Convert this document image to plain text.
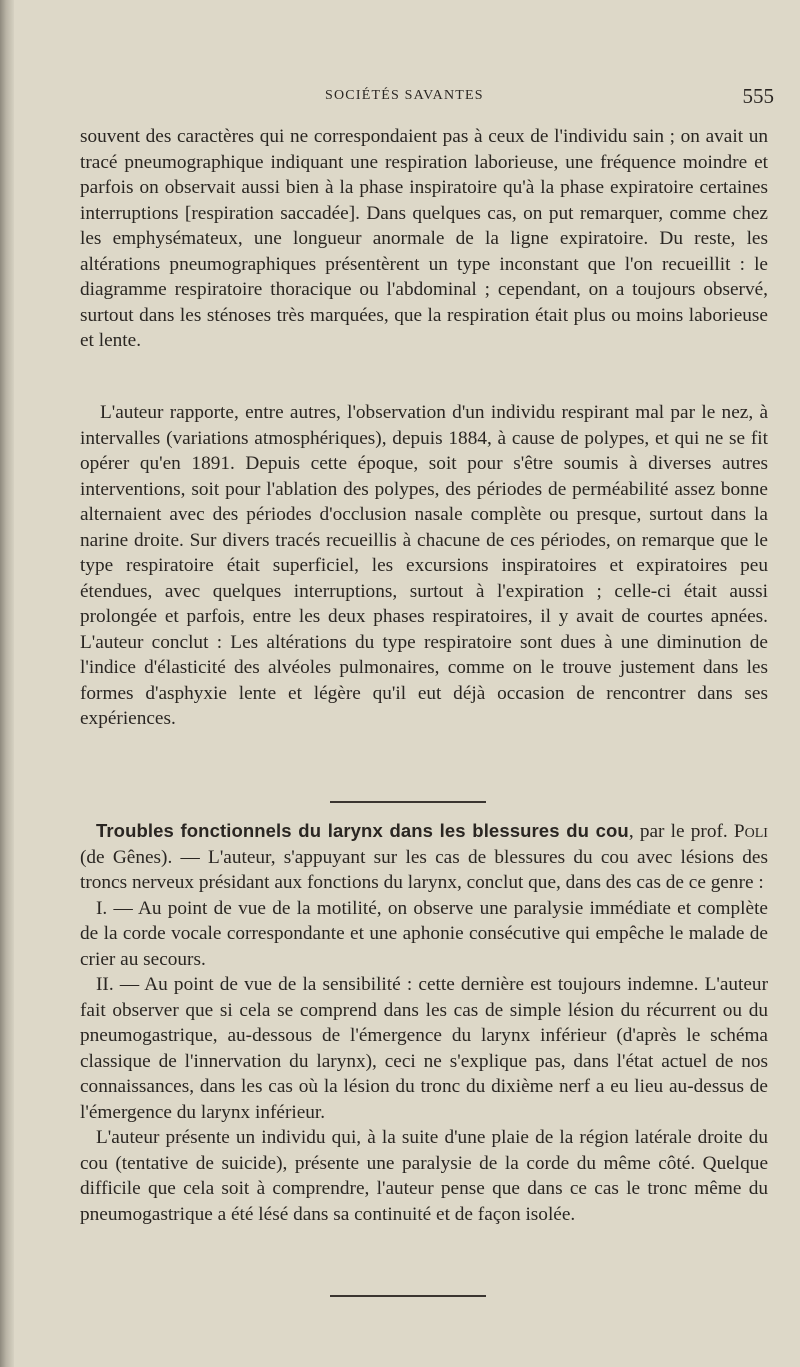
SOCIÉTÉS SAVANTES	555

souvent des caractères qui ne correspondaient pas à ceux de l'individu sain ; on avait un tracé pneumographique indiquant une respiration laborieuse, une fréquence moindre et parfois on observait aussi bien à la phase inspiratoire qu'à la phase expiratoire certaines interruptions [respiration saccadée]. Dans quelques cas, on put remarquer, comme chez les emphysémateux, une longueur anormale de la ligne expiratoire. Du reste, les altérations pneumographiques présentèrent un type inconstant que l'on recueillit : le diagramme respiratoire thoracique ou l'abdominal ; cependant, on a toujours observé, surtout dans les sténoses très marquées, que la respiration était plus ou moins laborieuse et lente.

L'auteur rapporte, entre autres, l'observation d'un individu respirant mal par le nez, à intervalles (variations atmosphériques), depuis 1884, à cause de polypes, et qui ne se fit opérer qu'en 1891. Depuis cette époque, soit pour s'être soumis à diverses autres interventions, soit pour l'ablation des polypes, des périodes de perméabilité assez bonne alternaient avec des périodes d'occlusion nasale complète ou presque, surtout dans la narine droite. Sur divers tracés recueillis à chacune de ces périodes, on remarque que le type respiratoire était superficiel, les excursions inspiratoires et expiratoires peu étendues, avec quelques interruptions, surtout à l'expiration ; celle-ci était aussi prolongée et parfois, entre les deux phases respiratoires, il y avait de courtes apnées. L'auteur conclut : Les altérations du type respiratoire sont dues à une diminution de l'indice d'élasticité des alvéoles pulmonaires, comme on le trouve justement dans les formes d'asphyxie lente et légère qu'il eut déjà occasion de rencontrer dans ses expériences.

Troubles fonctionnels du larynx dans les blessures du cou, par le prof. Poli (de Gênes). — L'auteur, s'appuyant sur les cas de blessures du cou avec lésions des troncs nerveux présidant aux fonctions du larynx, conclut que, dans des cas de ce genre :

I. — Au point de vue de la motilité, on observe une paralysie immédiate et complète de la corde vocale correspondante et une aphonie consécutive qui empêche le malade de crier au secours.

II. — Au point de vue de la sensibilité : cette dernière est toujours indemne. L'auteur fait observer que si cela se comprend dans les cas de simple lésion du récurrent ou du pneumogastrique, au-dessous de l'émergence du larynx inférieur (d'après le schéma classique de l'innervation du larynx), ceci ne s'explique pas, dans l'état actuel de nos connaissances, dans les cas où la lésion du tronc du dixième nerf a eu lieu au-dessus de l'émergence du larynx inférieur.

L'auteur présente un individu qui, à la suite d'une plaie de la région latérale droite du cou (tentative de suicide), présente une paralysie de la corde du même côté. Quelque difficile que cela soit à comprendre, l'auteur pense que dans ce cas le tronc même du pneumogastrique a été lésé dans sa continuité et de façon isolée.
